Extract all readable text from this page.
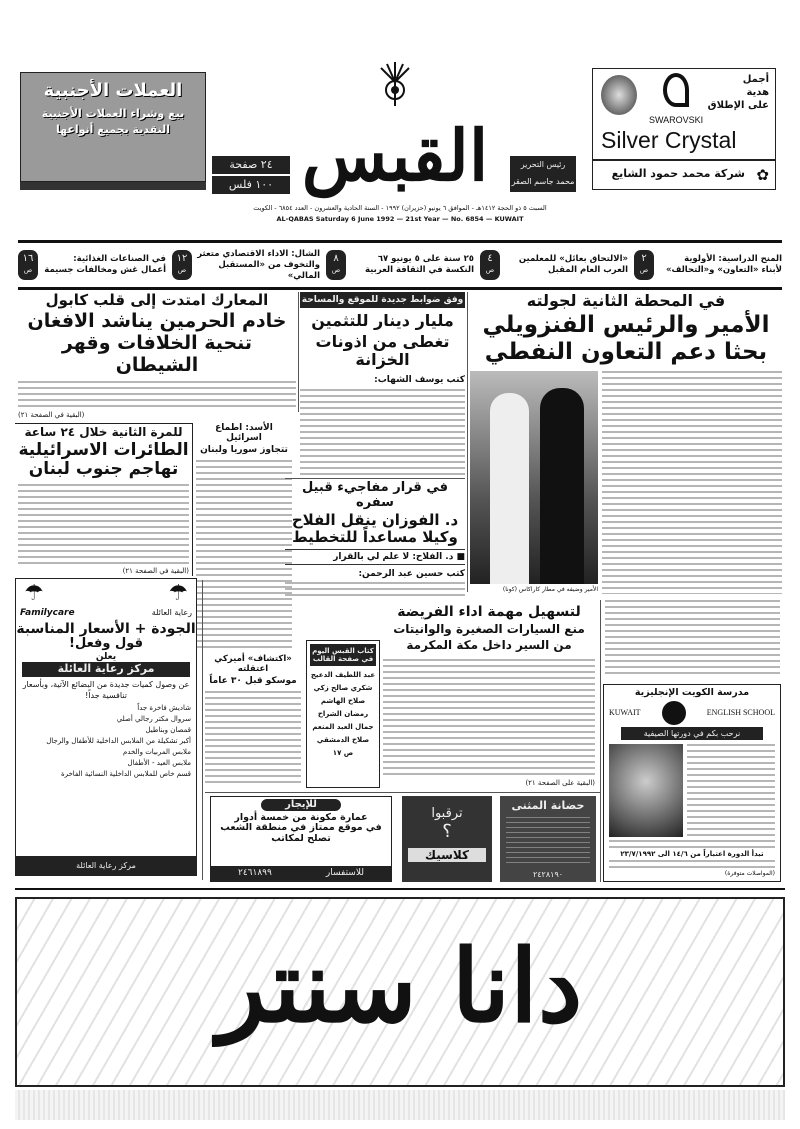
العملات الأجنبية
بيع وشراء العملات الأجنبية
النقدية بجميع أنواعها
٢٤ صفحة
١٠٠ فلس القبس	رئيس التحرير
محمد جاسم الصقر
أجمل
هدية
على الإطلاق
SWAROVSKI
Silver Crystal
شركة محمد حمود الشايع ✿
السبت ٥ ذو الحجة ١٤١٢هـ - الموافق ٦ يونيو (حزيران) ١٩٩٢ - السنة الحادية والعشرون - العدد ٦٨٥٤ - الكويت
AL-QABAS Saturday 6 June 1992 — 21st Year — No. 6854 — KUWAIT
المنح الدراسية: الأولوية
لأبناء «التعاون» و«التحالف»
٢
ص
«الالتحاق بعائل» للمعلمين
العرب العام المقبل
٤
ص
٢٥ سنة على ٥ يونيو ٦٧
النكسة في الثقافة العربية
٨
ص
الشال: الاداء الاقتصادي متعثر
والتخوف من «المستقبل المالي»
١٢
ص
في الصناعات الغذائية:
أعمال غش ومخالفات جسيمة
١٦
ص
في المحطة الثانية لجولته
الأمير والرئيس الفنزويلي
بحثا دعم التعاون النفطي
الأمير وضيفه في مطار كاراكاس (كونا)
وفق ضوابط جديدة للموقع والمساحة
مليار دينار للتثمين
تغطى من اذونات الخزانة
كتب يوسف الشهاب:
في قرار مفاجيء قبيل سفره
د. الفوزان ينقل الفلاح
وكيلا مساعداً للتخطيط
■ د. الفلاح: لا علم لي بالقرار
كتب حسين عبد الرحمن:
لتسهيل مهمة اداء الفريضة
منع السيارات الصغيرة والوانيتات
من السير داخل مكة المكرمة
(البقية على الصفحة ٢١)
المعارك امتدت إلى قلب كابول
خادم الحرمين يناشد الافغان
تنحية الخلافات وقهر الشيطان
(البقية في الصفحة ٢١)
للمرة الثانية خلال ٢٤ ساعة
الطائرات الاسرائيلية
تهاجم جنوب لبنان
(البقية في الصفحة ٢١)
الأسد: اطماع اسرائيل
تتجاوز سوريا ولبنان
«اكتشاف» أميركي اعتقلته
موسكو قبل ٣٠ عاماً
كتاب القبس اليوم في صفحة القالب
عبد اللطيف الدعيج
شكري صالح زكي
صلاح الهاشم
رمضان الشراح
جمال العبد المنعم
صلاح الدمشقي
ص ١٧
☂	☂
Familycare	رعاية العائلة
الجودة + الأسعار المناسبة
قول وفعل!
يعلن
مركز رعاية العائلة
عن وصول كميات جديدة من البضائع الآتية، وبأسعار تنافسية جداً!
شاديش فاخرة جداً
سروال مكتر رجالي أصلي
قمصان وبناطيل
أكبر تشكيلة من الملابس الداخلية للأطفال والرجال
ملابس المربيات والخدم
ملابس العيد - الأطفال
قسم خاص للملابس الداخلية النسائية الفاخرة
مركز رعاية العائلة
للإيجار
عمارة مكونة من خمسة أدوار
في موقع ممتاز في منطقة الشعب
تصلح لمكاتب
للاستفسار
٢٤٦١٨٩٩
ترقبوا
؟
كلاسيك
حضانة المثنى
٢٤٢٨١٩٠
مدرسة الكويت الإنجليزية
KUWAIT	ENGLISH SCHOOL
نرحب بكم في دورتها الصيفية
تبدأ الدورة اعتباراً من ١٤/٦ الى ٢٣/٧/١٩٩٢
(المواصلات متوفرة)
دانا سنتر
